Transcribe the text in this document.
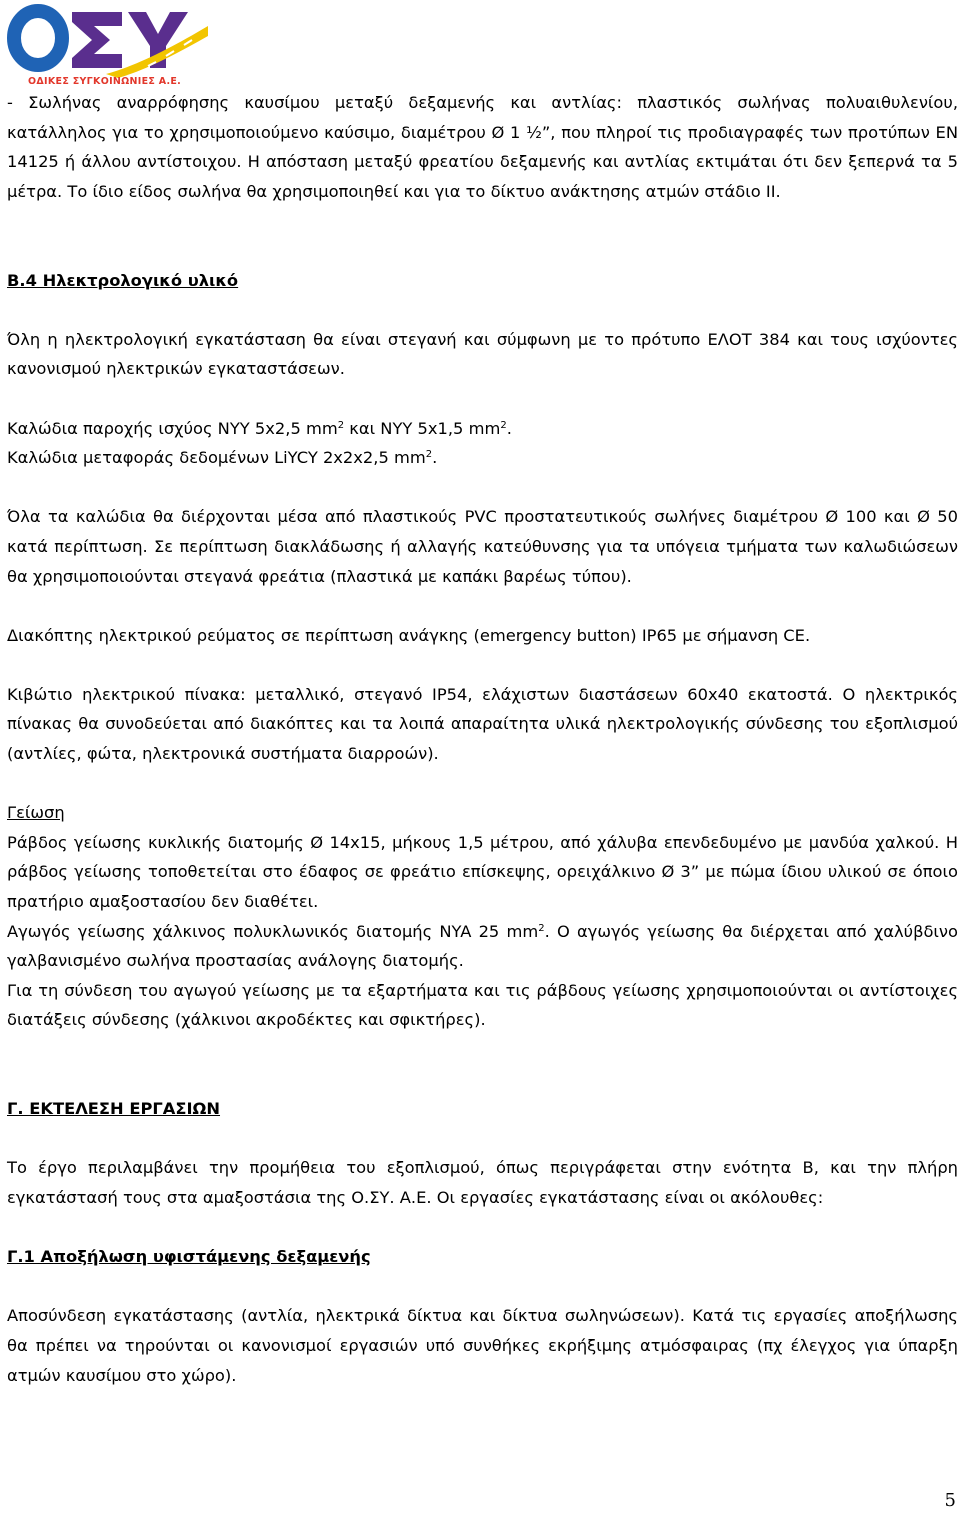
ΟΔΙΚΕΣ ΣΥΓΚΟΙΝΩΝΙΕΣ Α.Ε.

- Σωλήνας αναρρόφησης καυσίμου μεταξύ δεξαμενής και αντλίας: πλαστικός σωλήνας πολυαιθυλενίου, κατάλληλος για το χρησιμοποιούμενο καύσιμο, διαμέτρου Ø 1 ½”, που πληροί τις προδιαγραφές των προτύπων EN 14125 ή άλλου αντίστοιχου. Η απόσταση μεταξύ φρεατίου δεξαμενής και αντλίας εκτιμάται ότι δεν ξεπερνά τα 5 μέτρα. Το ίδιο είδος σωλήνα θα χρησιμοποιηθεί και για το δίκτυο ανάκτησης ατμών στάδιο II.

Β.4 Ηλεκτρολογικό υλικό

Όλη η ηλεκτρολογική εγκατάσταση θα είναι στεγανή και σύμφωνη με το πρότυπο ΕΛΟΤ 384 και τους ισχύοντες κανονισμού ηλεκτρικών εγκαταστάσεων.

Καλώδια παροχής ισχύος NYY 5x2,5 $mm^2$ και NYY 5x1,5 $mm^2$.

Καλώδια μεταφοράς δεδομένων LiYCY 2x2x2,5 $mm^2$.

Όλα τα καλώδια θα διέρχονται μέσα από πλαστικούς PVC προστατευτικούς σωλήνες διαμέτρου Ø 100 και Ø 50 κατά περίπτωση. Σε περίπτωση διακλάδωσης ή αλλαγής κατεύθυνσης για τα υπόγεια τμήματα των καλωδιώσεων θα χρησιμοποιούνται στεγανά φρεάτια (πλαστικά με καπάκι βαρέως τύπου).

Διακόπτης ηλεκτρικού ρεύματος σε περίπτωση ανάγκης (emergency button) IP65 με σήμανση CE.

Κιβώτιο ηλεκτρικού πίνακα: μεταλλικό, στεγανό IP54, ελάχιστων διαστάσεων 60x40 εκατοστά. Ο ηλεκτρικός πίνακας θα συνοδεύεται από διακόπτες και τα λοιπά απαραίτητα υλικά ηλεκτρολογικής σύνδεσης του εξοπλισμού (αντλίες, φώτα, ηλεκτρονικά συστήματα διαρροών).

Γείωση

Ράβδος γείωσης κυκλικής διατομής Ø 14x15, μήκους 1,5 μέτρου, από χάλυβα επενδεδυμένο με μανδύα χαλκού. Η ράβδος γείωσης τοποθετείται στο έδαφος σε φρεάτιο επίσκεψης, ορειχάλκινο Ø 3” με πώμα ίδιου υλικού σε όποιο πρατήριο αμαξοστασίου δεν διαθέτει.

Αγωγός γείωσης χάλκινος πολυκλωνικός διατομής NYA 25 $mm^2$. Ο αγωγός γείωσης θα διέρχεται από χαλύβδινο γαλβανισμένο σωλήνα προστασίας ανάλογης διατομής.

Για τη σύνδεση του αγωγού γείωσης με τα εξαρτήματα και τις ράβδους γείωσης χρησιμοποιούνται οι αντίστοιχες διατάξεις σύνδεσης (χάλκινοι ακροδέκτες και σφικτήρες).

Γ. ΕΚΤΕΛΕΣΗ ΕΡΓΑΣΙΩΝ

Το έργο περιλαμβάνει την προμήθεια του εξοπλισμού, όπως περιγράφεται στην ενότητα Β, και την πλήρη εγκατάστασή τους στα αμαξοστάσια της Ο.ΣΥ. Α.Ε. Οι εργασίες εγκατάστασης είναι οι ακόλουθες:

Γ.1 Αποξήλωση υφιστάμενης δεξαμενής

Αποσύνδεση εγκατάστασης (αντλία, ηλεκτρικά δίκτυα και δίκτυα σωληνώσεων). Κατά τις εργασίες αποξήλωσης θα πρέπει να τηρούνται οι κανονισμοί εργασιών υπό συνθήκες εκρήξιμης ατμόσφαιρας (πχ έλεγχος για ύπαρξη ατμών καυσίμου στο χώρο).

5
